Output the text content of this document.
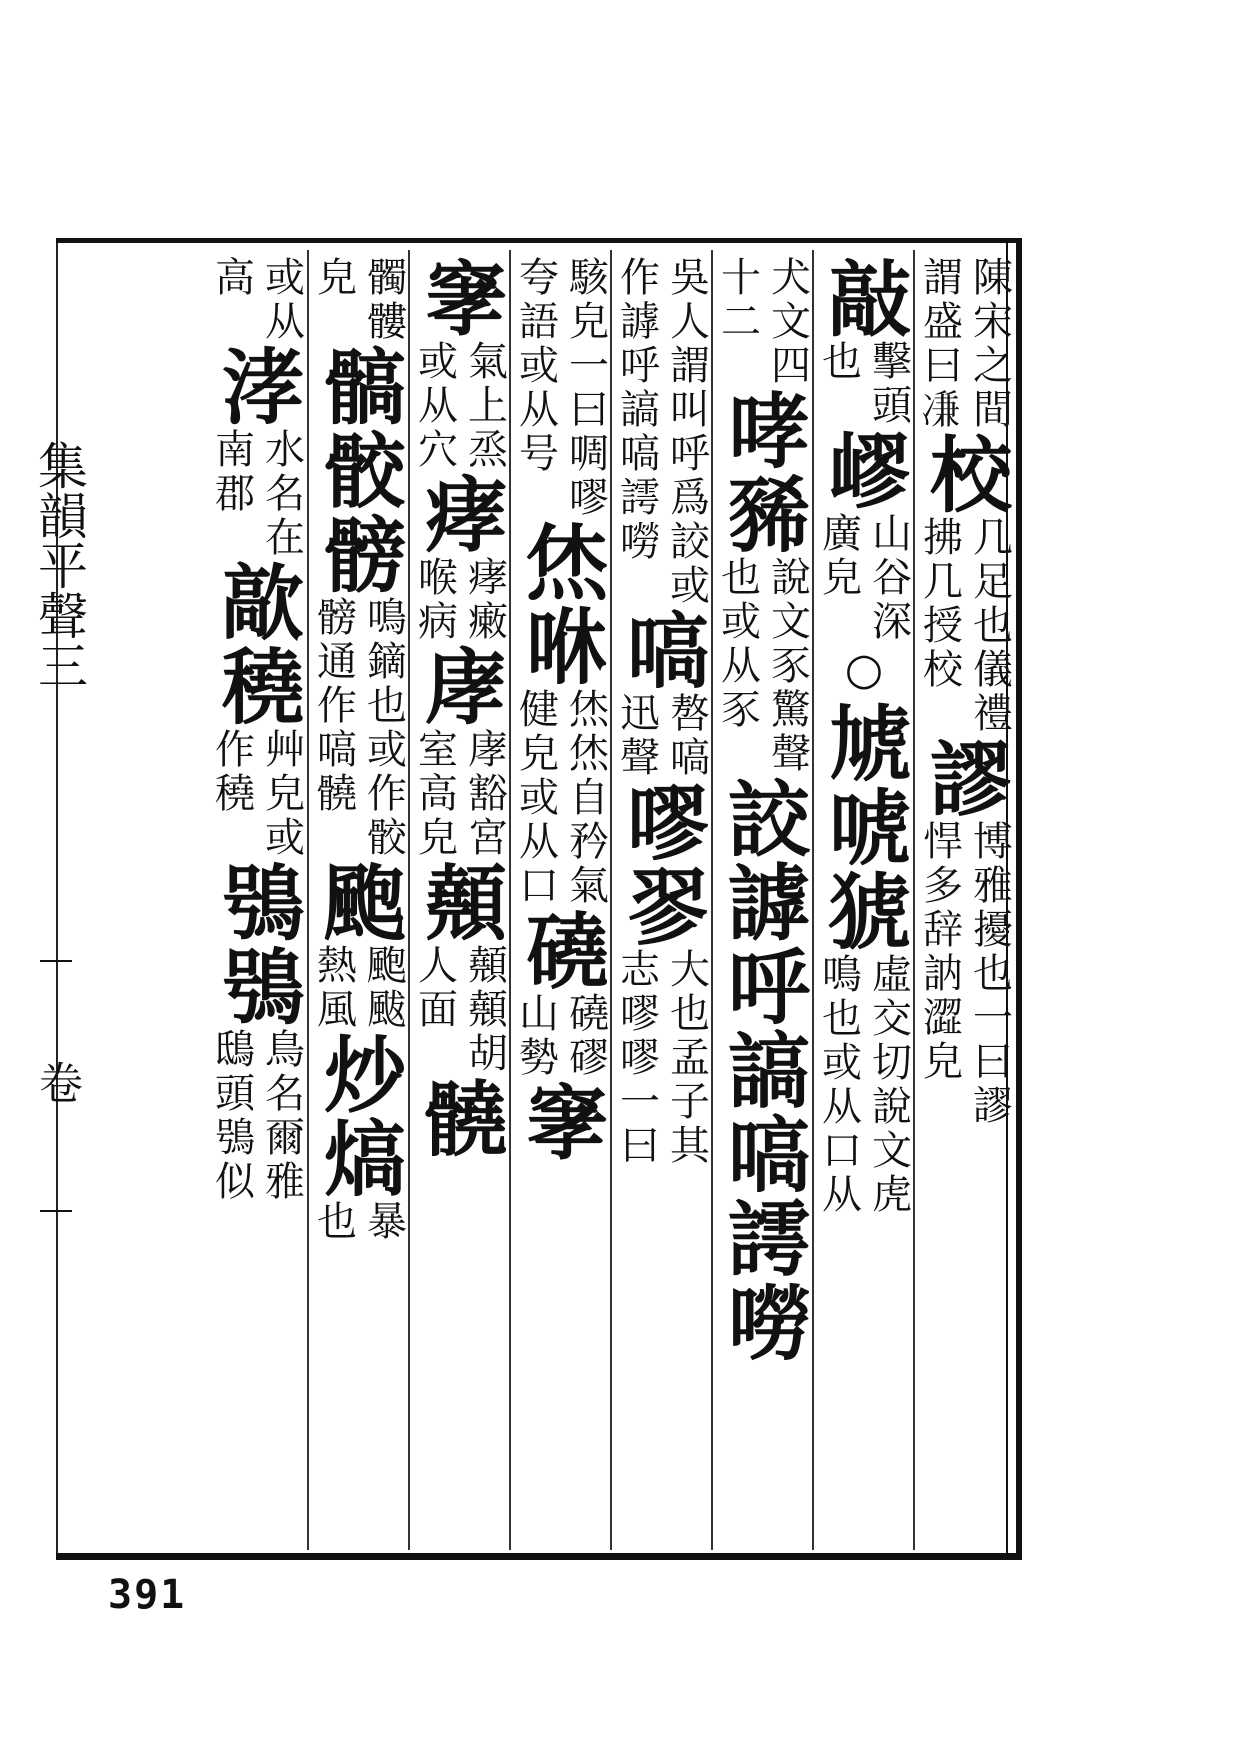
集韻平聲三
卷
陳宋之間
謂盛曰𠗳
校
几足也儀禮
拂几授校
謬
博雅擾也一曰謬
悍多辞訥澀皃
敲
擊頭
也
嵺
山谷深
廣皃
○
虓唬猇
虛交切說文虎
鳴也或从口从
犬文四
十二
哮豨
說文豕驚聲
也或从豕
詨謼呼謞嗃謣嘮
吳人謂叫呼爲詨或
作謼呼謞嗃謣嘮
嗃
嗸嗃
迅聲
嘐翏
大也孟子其
志嘐嘐一曰
駭皃一曰啁嘐
夸語或从号
烋咻
烋烋自矜氣
健皃或从口
磽
磽磟
山勢
窙
窙
氣上烝
或从穴
痚
痚瘷
喉病
庨
庨豁宮
室高皃
顤
顤顤胡
人面
髐
髑髏
皃
髇骹髈
鳴鏑也或作骹
髈通作嗃髐
颮
颮颰
熱風
炒熇
暴
也
或从
高
涍
水名在
南郡
歊穘
艸皃或
作穘
鴞鴞
鳥名爾雅
鴟頭鴞似
391
